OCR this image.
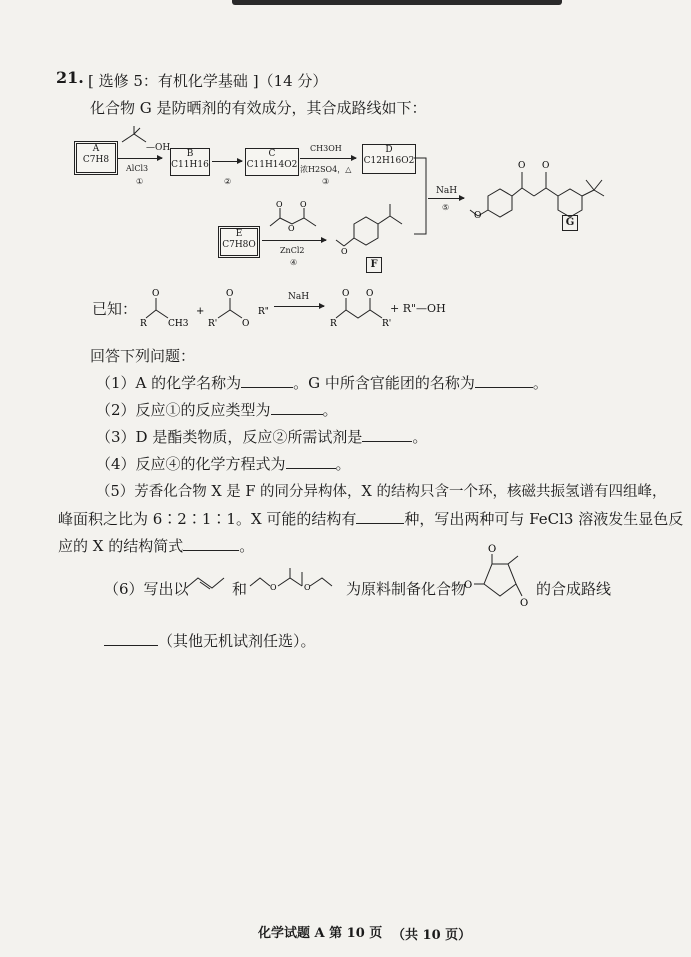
21. [ 选修 5：有机化学基础 ]（14 分）
化合物 G 是防晒剂的有效成分，其合成路线如下：
A
C7H8
—OH
AlCl3
①
B
C11H16
②
C
C11H14O2
CH3OH
浓H2SO4，△
③
D
C12H16O2
NaH
⑤
O O
O
G
E
C7H8O
O O
O
ZnCl2
④
O
F
已知：
R CH3
O
+
R'
O
O
R"
R
O O
R'
NaH
+ R"—OH
回答下列问题：
（1）A 的化学名称为	。G 中所含官能团的名称为	。
（2）反应①的反应类型为	。
（3）D 是酯类物质，反应②所需试剂是	。
（4）反应④的化学方程式为	。
（5）芳香化合物 X 是 F 的同分异构体，X 的结构只含一个环，核磁共振氢谱有四组峰，
峰面积之比为 6∶2∶1∶1。X 可能的结构有	种，写出两种可与 FeCl3 溶液发生显色反
应的 X 的结构简式	。
（6）写出以	和	O	O 为原料制备化合物
O
O
O
的合成路线
（其他无机试剂任选）。
化学试题 A 第 10 页 （共 10 页）
